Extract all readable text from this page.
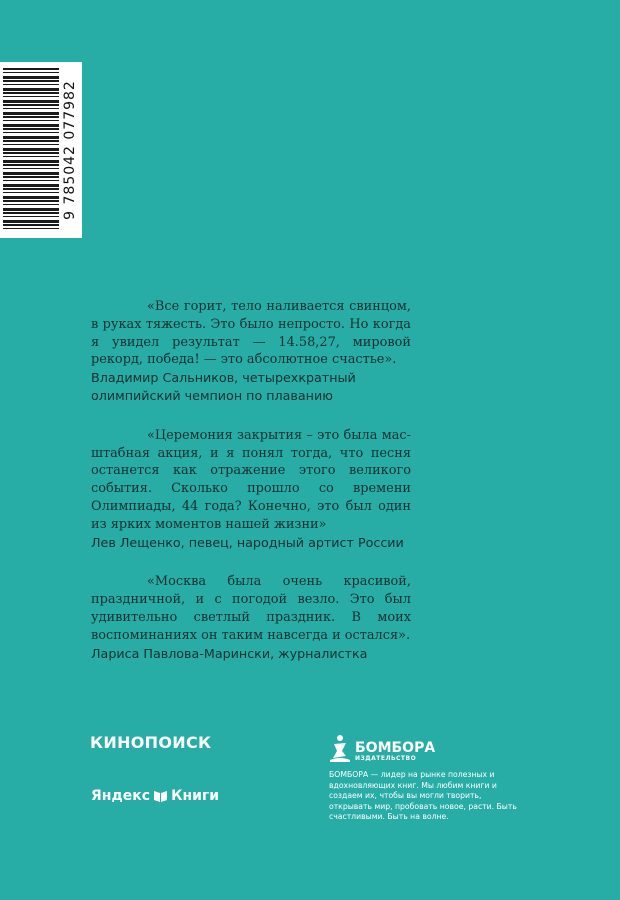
9 785042 077982
«Все горит, тело наливается свинцом, в руках тяжесть. Это было непросто. Но когда я увидел результат — 14.58,27, мировой рекорд, победа! — это абсолютное счастье».
Владимир Сальников, четырехкратный олимпийский чемпион по плаванию
«Церемония закрытия – это была масштабная акция, и я понял тогда, что песня останется как отражение этого великого события. Сколько прошло со времени Олимпиады, 44 года? Конечно, это был один из ярких моментов нашей жизни»
Лев Лещенко, певец, народный артист России
«Москва была очень красивой, праздничной, и с погодой везло. Это был удивительно светлый праздник. В моих воспоминаниях он таким навсегда и остался».
Лариса Павлова-Марински, журналистка
КИНОПОИСК
Яндекс Книги
БОМБОРА
ИЗДАТЕЛЬСТВО
БОМБОРА — лидер на рынке полезных и вдохновляющих книг. Мы любим книги и создаем их, чтобы вы могли творить, открывать мир, пробовать новое, расти. Быть счастливыми. Быть на волне.
